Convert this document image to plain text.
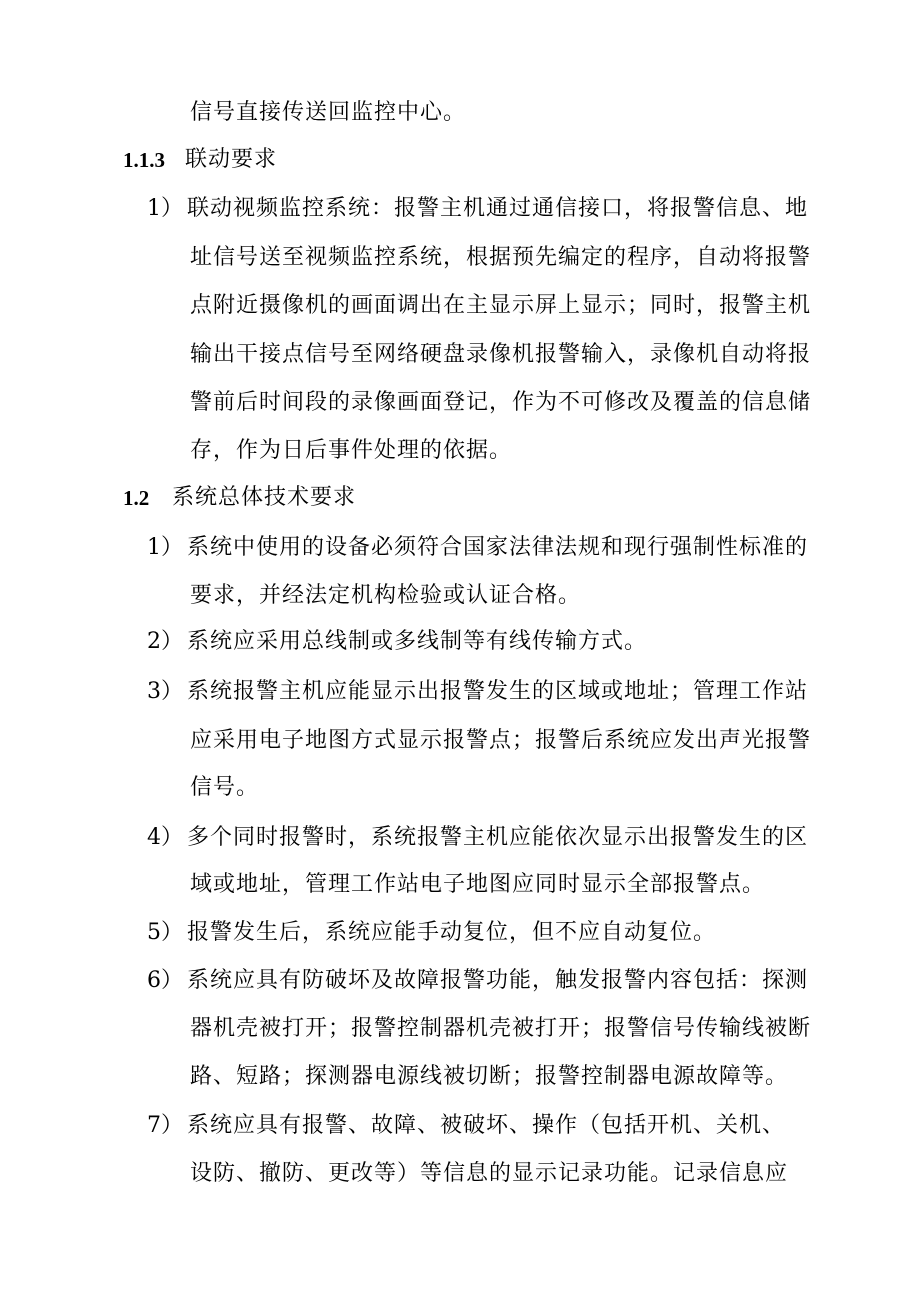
信号直接传送回监控中心。
1.1.3 联动要求
1） 联动视频监控系统：报警主机通过通信接口，将报警信息、地
址信号送至视频监控系统，根据预先编定的程序，自动将报警
点附近摄像机的画面调出在主显示屏上显示；同时，报警主机
输出干接点信号至网络硬盘录像机报警输入，录像机自动将报
警前后时间段的录像画面登记，作为不可修改及覆盖的信息储
存，作为日后事件处理的依据。
1.2 系统总体技术要求
1） 系统中使用的设备必须符合国家法律法规和现行强制性标准的
要求，并经法定机构检验或认证合格。
2） 系统应采用总线制或多线制等有线传输方式。
3） 系统报警主机应能显示出报警发生的区域或地址；管理工作站
应采用电子地图方式显示报警点；报警后系统应发出声光报警
信号。
4） 多个同时报警时，系统报警主机应能依次显示出报警发生的区
域或地址，管理工作站电子地图应同时显示全部报警点。
5） 报警发生后，系统应能手动复位，但不应自动复位。
6） 系统应具有防破坏及故障报警功能，触发报警内容包括：探测
器机壳被打开；报警控制器机壳被打开；报警信号传输线被断
路、短路；探测器电源线被切断；报警控制器电源故障等。
7） 系统应具有报警、故障、被破坏、操作（包括开机、关机、
设防、撤防、更改等）等信息的显示记录功能。记录信息应
